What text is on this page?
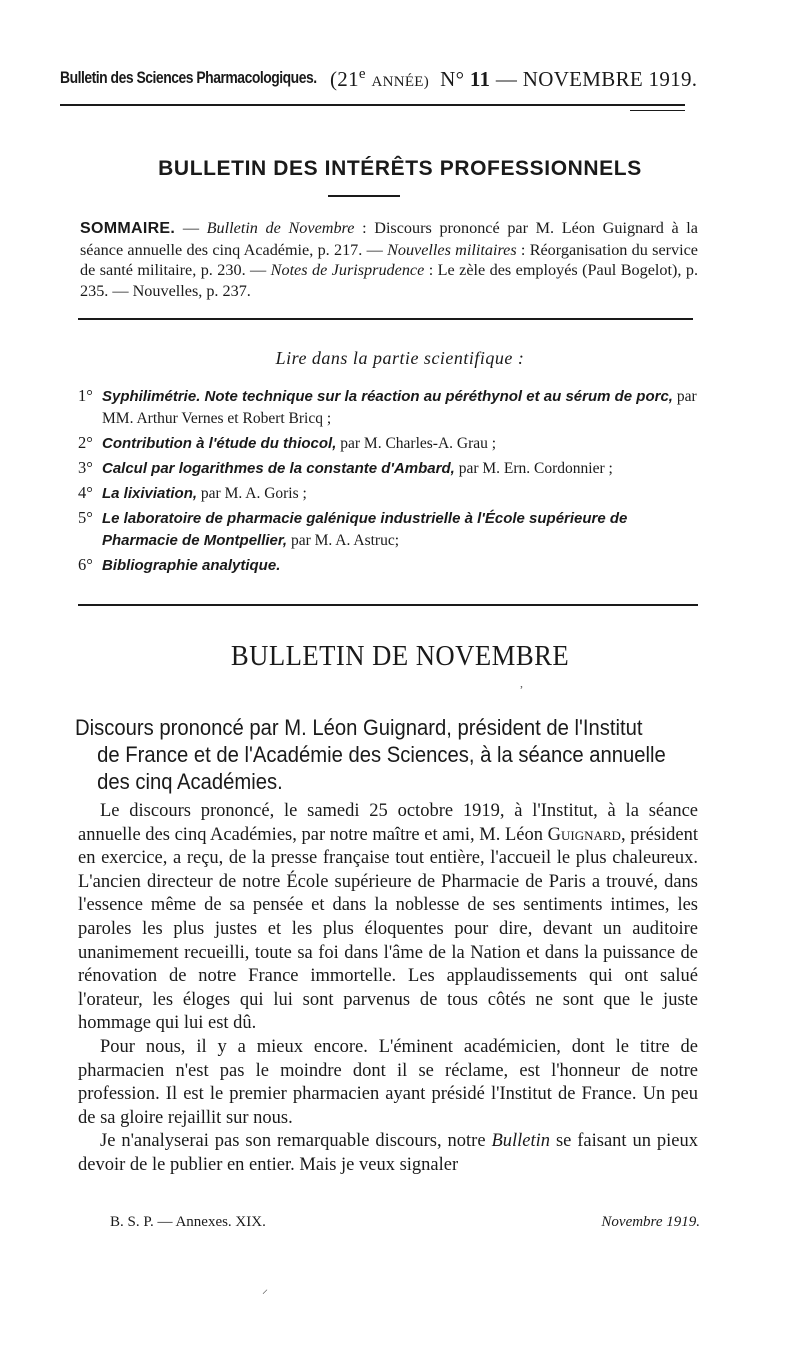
Bulletin des Sciences Pharmacologiques. (21e ANNÉE) N° 11 — NOVEMBRE 1919.
BULLETIN DES INTÉRÊTS PROFESSIONNELS
SOMMAIRE. — Bulletin de Novembre : Discours prononcé par M. Léon Guignard à la séance annuelle des cinq Académie, p. 217. — Nouvelles militaires : Réorganisation du service de santé militaire, p. 230. — Notes de Jurisprudence : Le zèle des employés (Paul Bogelot), p. 235. — Nouvelles, p. 237.
Lire dans la partie scientifique :
1° Syphilimétrie. Note technique sur la réaction au péréthynol et au sérum de porc, par MM. Arthur Vernes et Robert Bricq ;
2° Contribution à l'étude du thiocol, par M. Charles-A. Grau ;
3° Calcul par logarithmes de la constante d'Ambard, par M. Ern. Cordonnier ;
4° La lixiviation, par M. A. Goris ;
5° Le laboratoire de pharmacie galénique industrielle à l'École supérieure de Pharmacie de Montpellier, par M. A. Astruc;
6° Bibliographie analytique.
BULLETIN DE NOVEMBRE
,
Discours prononcé par M. Léon Guignard, président de l'Institut
de France et de l'Académie des Sciences, à la séance annuelle
des cinq Académies.

Le discours prononcé, le samedi 25 octobre 1919, à l'Institut, à la séance annuelle des cinq Académies, par notre maître et ami, M. Léon Guignard, président en exercice, a reçu, de la presse française tout entière, l'accueil le plus chaleureux. L'ancien directeur de notre École supérieure de Pharmacie de Paris a trouvé, dans l'essence même de sa pensée et dans la noblesse de ses sentiments intimes, les paroles les plus justes et les plus éloquentes pour dire, devant un auditoire unanimement recueilli, toute sa foi dans l'âme de la Nation et dans la puissance de rénovation de notre France immortelle. Les applaudissements qui ont salué l'orateur, les éloges qui lui sont parvenus de tous côtés ne sont que le juste hommage qui lui est dû.

Pour nous, il y a mieux encore. L'éminent académicien, dont le titre de pharmacien n'est pas le moindre dont il se réclame, est l'honneur de notre profession. Il est le premier pharmacien ayant présidé l'Institut de France. Un peu de sa gloire rejaillit sur nous.

Je n'analyserai pas son remarquable discours, notre Bulletin se faisant un pieux devoir de le publier en entier. Mais je veux signaler

B. S. P. — Annexes. XIX.	Novembre 1919.
⸝
